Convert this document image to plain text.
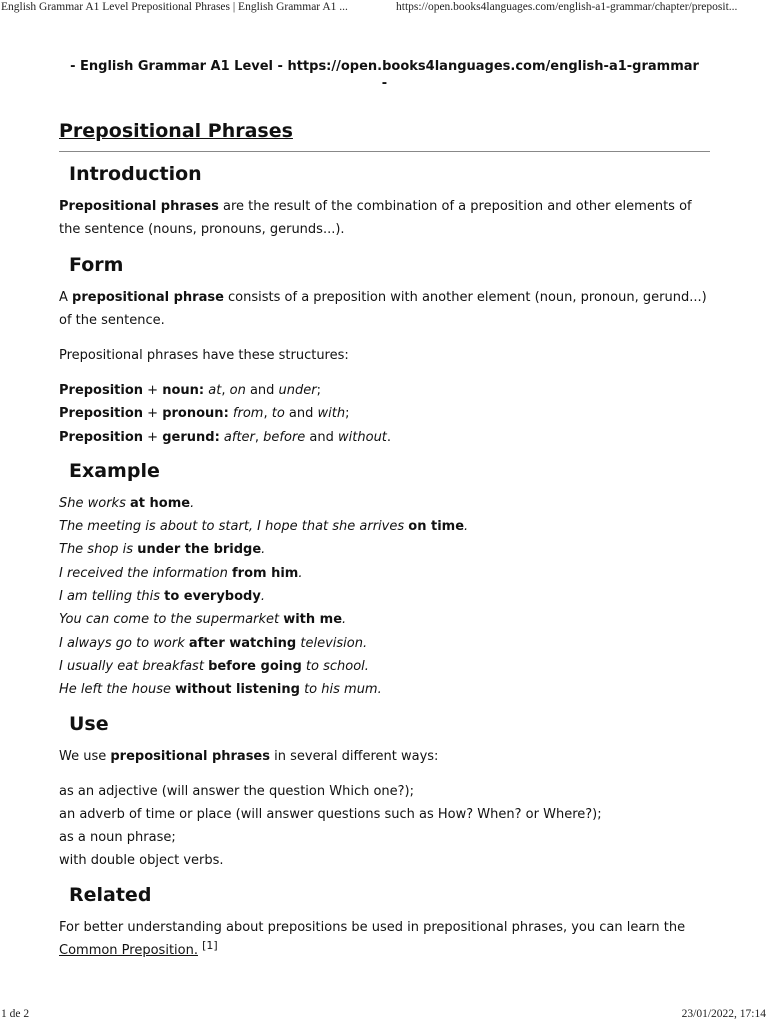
English Grammar A1 Level Prepositional Phrases | English Grammar A1 ...	https://open.books4languages.com/english-a1-grammar/chapter/preposit...
- English Grammar A1 Level - https://open.books4languages.com/english-a1-grammar
-
Prepositional Phrases
Introduction

Prepositional phrases are the result of the combination of a preposition and other elements of the sentence (nouns, pronouns, gerunds...).

Form

A prepositional phrase consists of a preposition with another element (noun, pronoun, gerund...) of the sentence.

Prepositional phrases have these structures:

Preposition + noun: at, on and under;
Preposition + pronoun: from, to and with;
Preposition + gerund: after, before and without.
Example
She works at home.
The meeting is about to start, I hope that she arrives on time.
The shop is under the bridge.
I received the information from him.
I am telling this to everybody.
You can come to the supermarket with me.
I always go to work after watching television.
I usually eat breakfast before going to school.
He left the house without listening to his mum.
Use

We use prepositional phrases in several different ways:

as an adjective (will answer the question Which one?);
an adverb of time or place (will answer questions such as How? When? or Where?);
as a noun phrase;
with double object verbs.
Related

For better understanding about prepositions be used in prepositional phrases, you can learn the Common Preposition. [1]

1 de 2	23/01/2022, 17:14
